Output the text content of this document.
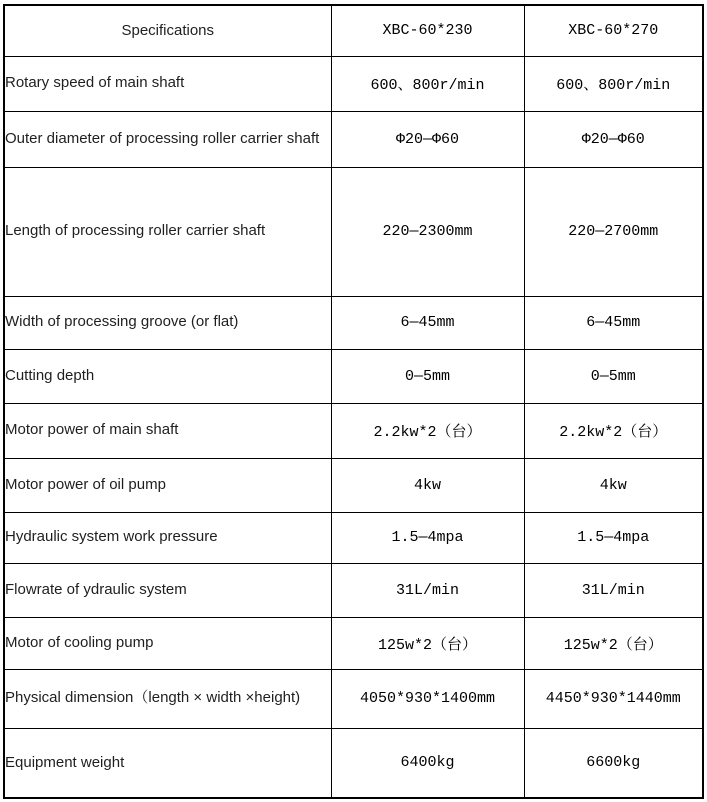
Specifications	XBC-60*230	XBC-60*270
Rotary speed of main shaft	600、800r/min	600、800r/min
Outer diameter of processing roller carrier shaft	Φ20—Φ60	Φ20—Φ60
Length of processing roller carrier shaft	220—2300mm	220—2700mm
Width of processing groove (or flat)	6—45mm	6—45mm
Cutting depth	0—5mm	0—5mm
Motor power of main shaft	2.2kw*2（台）	2.2kw*2（台）
Motor power of oil pump	4kw	4kw
Hydraulic system work pressure	1.5—4mpa	1.5—4mpa
Flowrate of ydraulic system	31L/min	31L/min
Motor of cooling pump	125w*2（台）	125w*2（台）
Physical dimension（length × width ×height)	4050*930*1400mm	4450*930*1440mm
Equipment weight	6400kg	6600kg
